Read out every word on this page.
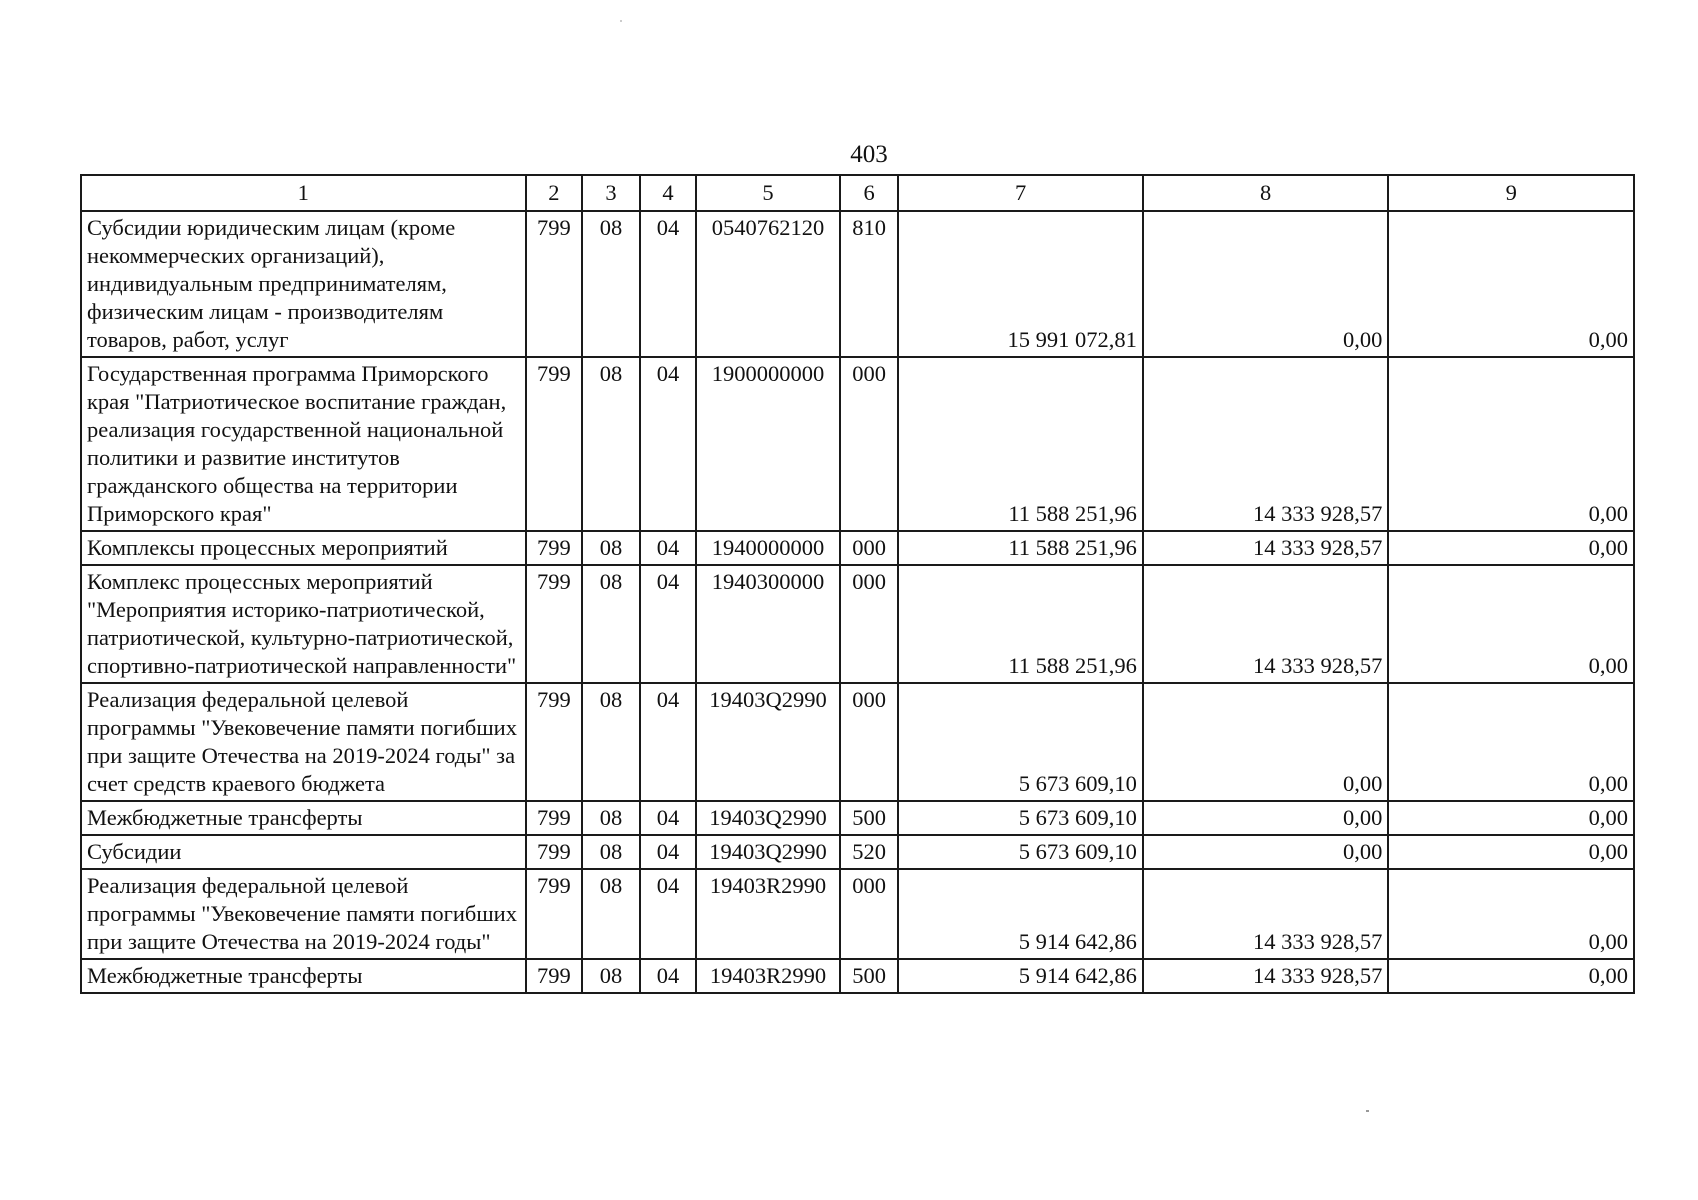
403
1	2	3	4	5	6	7	8	9
Субсидии юридическим лицам (кроме некоммерческих организаций), индивидуальным предпринимателям, физическим лицам - производителям товаров, работ, услуг	799	08	04	0540762120	810	15 991 072,81	0,00	0,00
Государственная программа Приморского края "Патриотическое воспитание граждан, реализация государственной национальной политики и развитие институтов гражданского общества на территории Приморского края"	799	08	04	1900000000	000	11 588 251,96	14 333 928,57	0,00
Комплексы процессных мероприятий	799	08	04	1940000000	000	11 588 251,96	14 333 928,57	0,00
Комплекс процессных мероприятий "Мероприятия историко-патриотической, патриотической, культурно-патриотической, спортивно-патриотической направленности"	799	08	04	1940300000	000	11 588 251,96	14 333 928,57	0,00
Реализация федеральной целевой программы "Увековечение памяти погибших при защите Отечества на 2019-2024 годы" за счет средств краевого бюджета	799	08	04	19403Q2990	000	5 673 609,10	0,00	0,00
Межбюджетные трансферты	799	08	04	19403Q2990	500	5 673 609,10	0,00	0,00
Субсидии	799	08	04	19403Q2990	520	5 673 609,10	0,00	0,00
Реализация федеральной целевой программы "Увековечение памяти погибших при защите Отечества на 2019-2024 годы"	799	08	04	19403R2990	000	5 914 642,86	14 333 928,57	0,00
Межбюджетные трансферты	799	08	04	19403R2990	500	5 914 642,86	14 333 928,57	0,00
